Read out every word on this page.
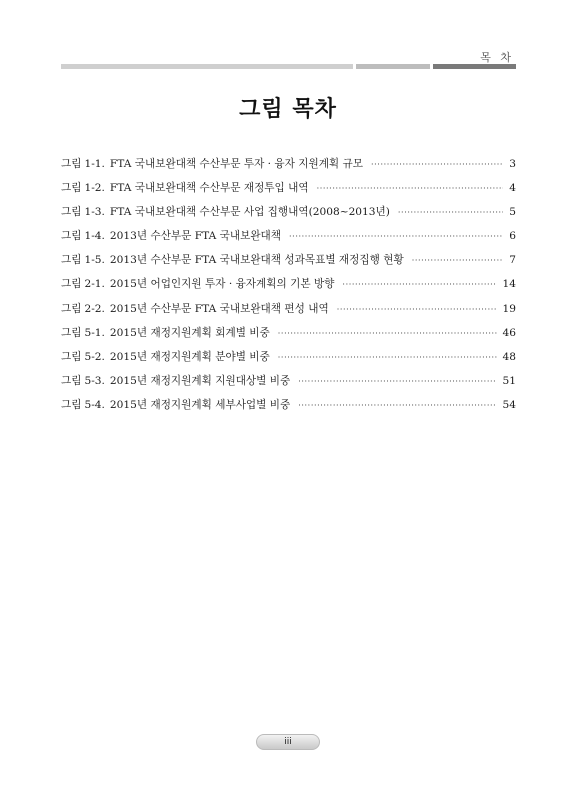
목 차
그림 목차
그림 1-1. FTA 국내보완대책 수산부문 투자 · 융자 지원계획 규모 ·····	3
그림 1-2. FTA 국내보완대책 수산부문 재정투입 내역 ·····	4
그림 1-3. FTA 국내보완대책 수산부문 사업 집행내역(2008~2013년) ·····	5
그림 1-4. 2013년 수산부문 FTA 국내보완대책 ·····	6
그림 1-5. 2013년 수산부문 FTA 국내보완대책 성과목표별 재정집행 현황 ·····	7
그림 2-1. 2015년 어업인지원 투자 · 융자계획의 기본 방향 ·····	14
그림 2-2. 2015년 수산부문 FTA 국내보완대책 편성 내역 ·····	19
그림 5-1. 2015년 재정지원계획 회계별 비중 ·····	46
그림 5-2. 2015년 재정지원계획 분야별 비중 ·····	48
그림 5-3. 2015년 재정지원계획 지원대상별 비중 ·····	51
그림 5-4. 2015년 재정지원계획 세부사업별 비중 ·····	54
iii
